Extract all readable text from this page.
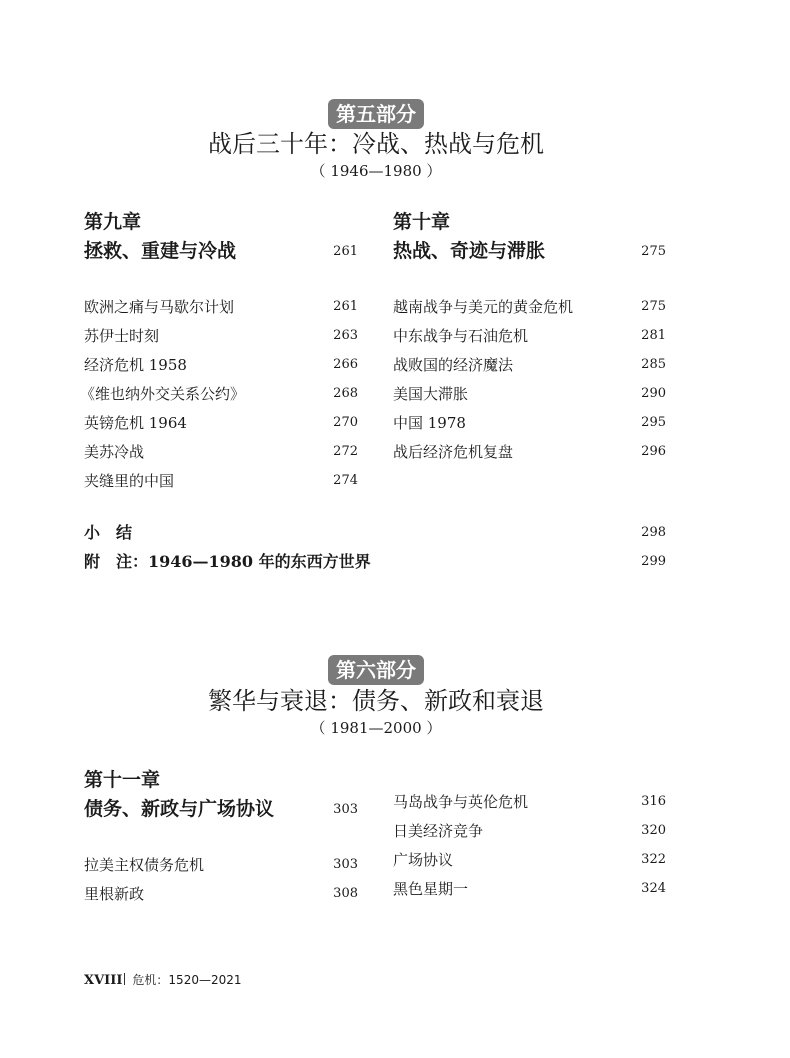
第五部分
战后三十年：冷战、热战与危机
（ 1946—1980 ）
第九章
拯救、重建与冷战	261
欧洲之痛与马歇尔计划	261
苏伊士时刻	263
经济危机 1958	266
《维也纳外交关系公约》	268
英镑危机 1964	270
美苏冷战	272
夹缝里的中国	274
第十章
热战、奇迹与滞胀	275
越南战争与美元的黄金危机	275
中东战争与石油危机	281
战败国的经济魔法	285
美国大滞胀	290
中国 1978	295
战后经济危机复盘	296
小　结	298
附　注：1946—1980 年的东西方世界	299
第六部分
繁华与衰退：债务、新政和衰退
（ 1981—2000 ）
第十一章
债务、新政与广场协议	303
拉美主权债务危机	303
里根新政	308
马岛战争与英伦危机	316
日美经济竞争	320
广场协议	322
黑色星期一	324
XVIII 危机：1520—2021
